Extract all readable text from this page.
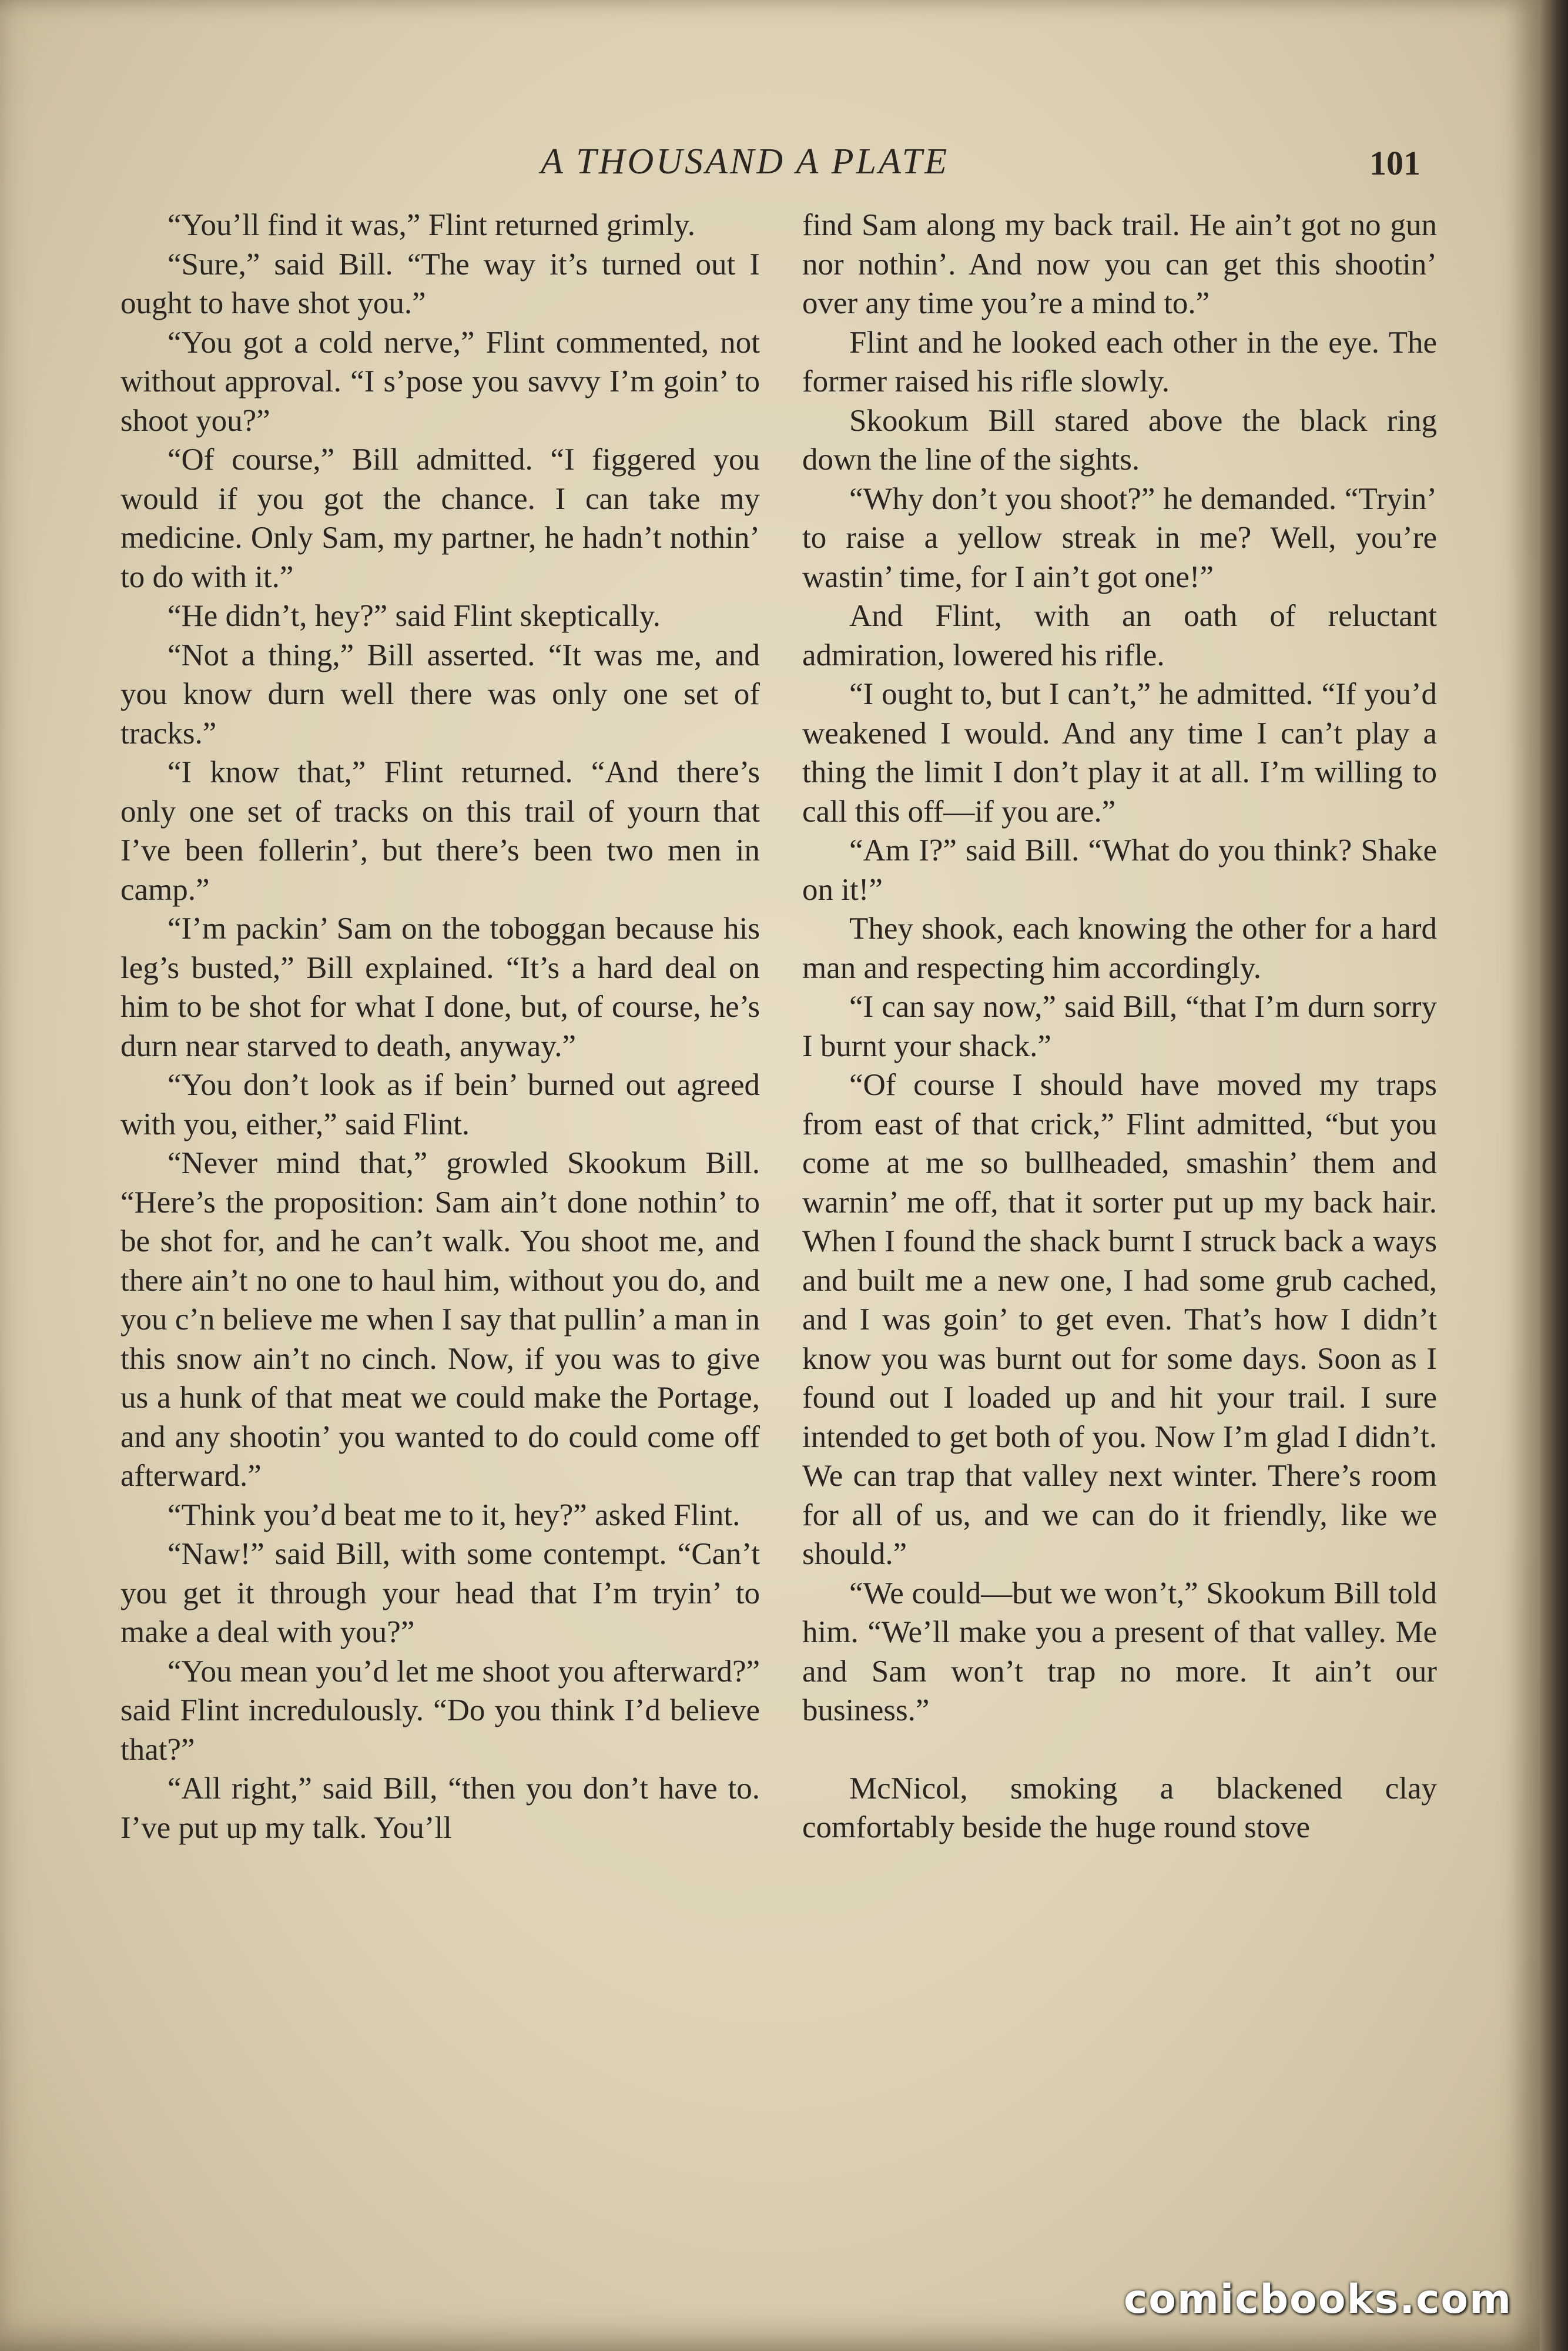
A THOUSAND A PLATE	101

“You’ll find it was,” Flint returned grimly.

“Sure,” said Bill. “The way it’s turned out I ought to have shot you.”

“You got a cold nerve,” Flint commented, not without approval. “I s’pose you savvy I’m goin’ to shoot you?”

“Of course,” Bill admitted. “I figgered you would if you got the chance. I can take my medicine. Only Sam, my partner, he hadn’t nothin’ to do with it.”

“He didn’t, hey?” said Flint skeptically.

“Not a thing,” Bill asserted. “It was me, and you know durn well there was only one set of tracks.”

“I know that,” Flint returned. “And there’s only one set of tracks on this trail of yourn that I’ve been follerin’, but there’s been two men in camp.”

“I’m packin’ Sam on the toboggan because his leg’s busted,” Bill explained. “It’s a hard deal on him to be shot for what I done, but, of course, he’s durn near starved to death, anyway.”

“You don’t look as if bein’ burned out agreed with you, either,” said Flint.

“Never mind that,” growled Skookum Bill. “Here’s the proposition: Sam ain’t done nothin’ to be shot for, and he can’t walk. You shoot me, and there ain’t no one to haul him, without you do, and you c’n believe me when I say that pullin’ a man in this snow ain’t no cinch. Now, if you was to give us a hunk of that meat we could make the Portage, and any shootin’ you wanted to do could come off afterward.”

“Think you’d beat me to it, hey?” asked Flint.

“Naw!” said Bill, with some contempt. “Can’t you get it through your head that I’m tryin’ to make a deal with you?”

“You mean you’d let me shoot you afterward?” said Flint incredulously. “Do you think I’d believe that?”

“All right,” said Bill, “then you don’t have to. I’ve put up my talk. You’ll

find Sam along my back trail. He ain’t got no gun nor nothin’. And now you can get this shootin’ over any time you’re a mind to.”

Flint and he looked each other in the eye. The former raised his rifle slowly.

Skookum Bill stared above the black ring down the line of the sights.

“Why don’t you shoot?” he demanded. “Tryin’ to raise a yellow streak in me? Well, you’re wastin’ time, for I ain’t got one!”

And Flint, with an oath of reluctant admiration, lowered his rifle.

“I ought to, but I can’t,” he admitted. “If you’d weakened I would. And any time I can’t play a thing the limit I don’t play it at all. I’m willing to call this off—if you are.”

“Am I?” said Bill. “What do you think? Shake on it!”

They shook, each knowing the other for a hard man and respecting him accordingly.

“I can say now,” said Bill, “that I’m durn sorry I burnt your shack.”

“Of course I should have moved my traps from east of that crick,” Flint admitted, “but you come at me so bullheaded, smashin’ them and warnin’ me off, that it sorter put up my back hair. When I found the shack burnt I struck back a ways and built me a new one, I had some grub cached, and I was goin’ to get even. That’s how I didn’t know you was burnt out for some days. Soon as I found out I loaded up and hit your trail. I sure intended to get both of you. Now I’m glad I didn’t. We can trap that valley next winter. There’s room for all of us, and we can do it friendly, like we should.”

“We could—but we won’t,” Skookum Bill told him. “We’ll make you a present of that valley. Me and Sam won’t trap no more. It ain’t our business.”

McNicol, smoking a blackened clay comfortably beside the huge round stove

comicbooks.com
